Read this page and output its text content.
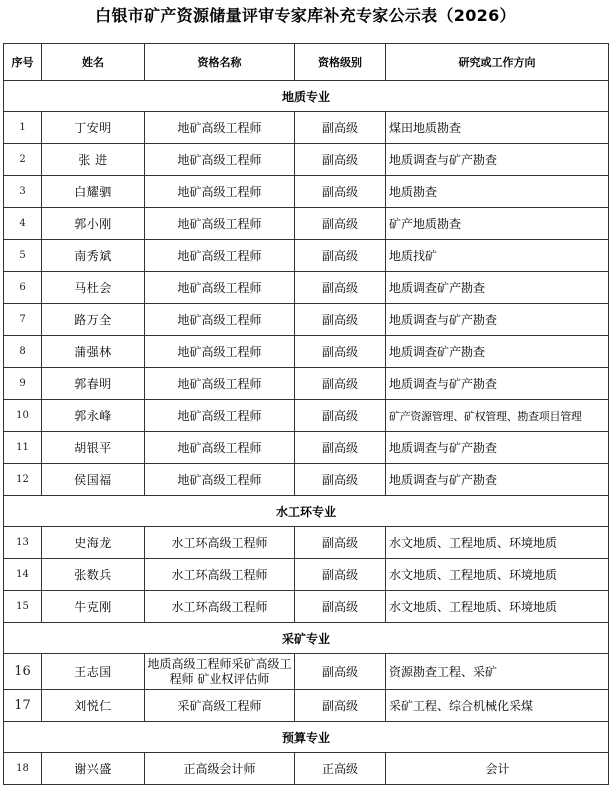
白银市矿产资源储量评审专家库补充专家公示表（2026）
序号	姓名	资格名称	资格级别	研究或工作方向
地质专业				
1	丁安明	地矿高级工程师	副高级	煤田地质勘查
2	张 进	地矿高级工程师	副高级	地质调查与矿产勘查
3	白耀驷	地矿高级工程师	副高级	地质勘查
4	郭小刚	地矿高级工程师	副高级	矿产地质勘查
5	南秀斌	地矿高级工程师	副高级	地质找矿
6	马杜会	地矿高级工程师	副高级	地质调查矿产勘查
7	路万全	地矿高级工程师	副高级	地质调查与矿产勘查
8	蒲强林	地矿高级工程师	副高级	地质调查矿产勘查
9	郭春明	地矿高级工程师	副高级	地质调查与矿产勘查
10	郭永峰	地矿高级工程师	副高级	矿产资源管理、矿权管理、勘查项目管理
11	胡银平	地矿高级工程师	副高级	地质调查与矿产勘查
12	侯国福	地矿高级工程师	副高级	地质调查与矿产勘查
水工环专业				
13	史海龙	水工环高级工程师	副高级	水文地质、工程地质、环境地质
14	张数兵	水工环高级工程师	副高级	水文地质、工程地质、环境地质
15	牛克刚	水工环高级工程师	副高级	水文地质、工程地质、环境地质
采矿专业				
16	王志国	地质高级工程师采矿高级工程师 矿业权评估师	副高级	资源勘查工程、采矿
17	刘悦仁	采矿高级工程师	副高级	采矿工程、综合机械化采煤
预算专业				
18	谢兴盛	正高级会计师	正高级	会计
